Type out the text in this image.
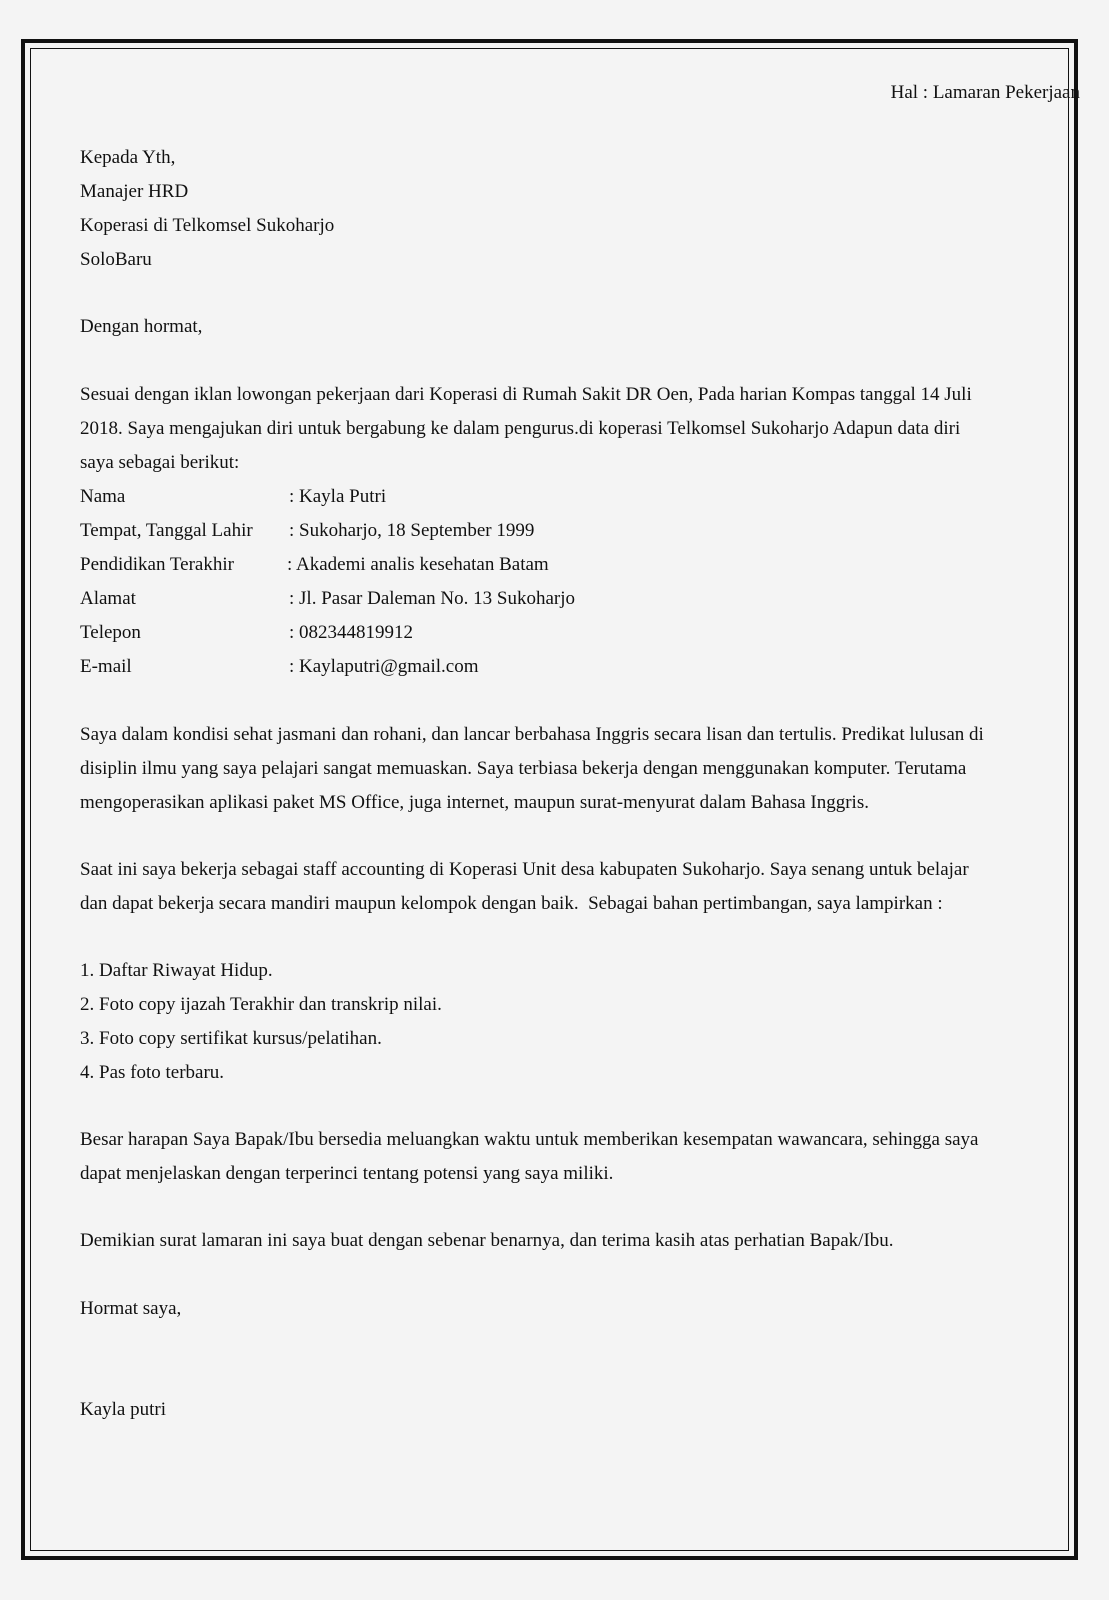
Hal : Lamaran Pekerjaan
Kepada Yth,
Manajer HRD
Koperasi di Telkomsel Sukoharjo
SoloBaru
Dengan hormat,
Sesuai dengan iklan lowongan pekerjaan dari Koperasi di Rumah Sakit DR Oen, Pada harian Kompas tanggal 14 Juli
2018. Saya mengajukan diri untuk bergabung ke dalam pengurus.di koperasi Telkomsel Sukoharjo Adapun data diri
saya sebagai berikut:
Nama	: Kayla Putri
Tempat, Tanggal Lahir : Sukoharjo, 18 September 1999
Pendidikan Terakhir	: Akademi analis kesehatan Batam
Alamat	: Jl. Pasar Daleman No. 13 Sukoharjo
Telepon	: 082344819912
E-mail	: Kaylaputri@gmail.com
Saya dalam kondisi sehat jasmani dan rohani, dan lancar berbahasa Inggris secara lisan dan tertulis. Predikat lulusan di
disiplin ilmu yang saya pelajari sangat memuaskan. Saya terbiasa bekerja dengan menggunakan komputer. Terutama
mengoperasikan aplikasi paket MS Office, juga internet, maupun surat-menyurat dalam Bahasa Inggris.
Saat ini saya bekerja sebagai staff accounting di Koperasi Unit desa kabupaten Sukoharjo. Saya senang untuk belajar
dan dapat bekerja secara mandiri maupun kelompok dengan baik.  Sebagai bahan pertimbangan, saya lampirkan :
1. Daftar Riwayat Hidup.
2. Foto copy ijazah Terakhir dan transkrip nilai.
3. Foto copy sertifikat kursus/pelatihan.
4. Pas foto terbaru.
Besar harapan Saya Bapak/Ibu bersedia meluangkan waktu untuk memberikan kesempatan wawancara, sehingga saya
dapat menjelaskan dengan terperinci tentang potensi yang saya miliki.
Demikian surat lamaran ini saya buat dengan sebenar benarnya, dan terima kasih atas perhatian Bapak/Ibu.
Hormat saya,
Kayla putri
